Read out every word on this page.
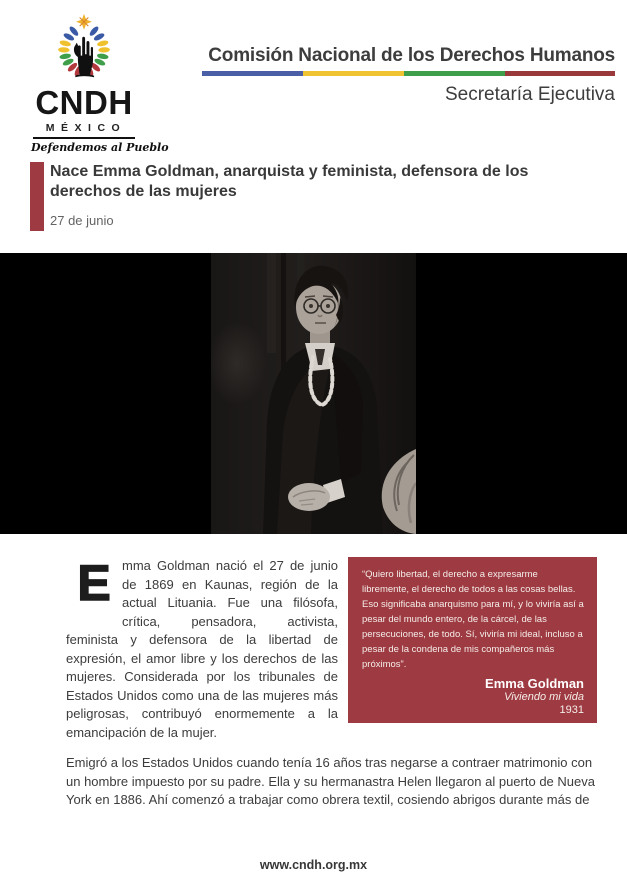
CNDH
MÉXICO
Defendemos al Pueblo
Comisión Nacional de los Derechos Humanos
Secretaría Ejecutiva
Nace Emma Goldman, anarquista y feminista, defensora de los derechos de las mujeres
27 de junio

“Quiero libertad, el derecho a expresarme libremente, el derecho de todos a las cosas bellas. Eso significaba anarquismo para mí, y lo viviría así a pesar del mundo entero, de la cárcel, de las persecuciones, de todo. Sí, viviría mi ideal, incluso a pesar de la condena de mis compañeros más próximos”.

Emma Goldman
Viviendo mi vida
1931

Emma Goldman nació el 27 de junio de 1869 en Kaunas, región de la actual Lituania. Fue una filósofa, crítica, pensadora, activista, feminista y defensora de la libertad de expresión, el amor libre y los derechos de las mujeres. Considerada por los tribunales de Estados Unidos como una de las mujeres más peligrosas, contribuyó enormemente a la emancipación de la mujer.

Emigró a los Estados Unidos cuando tenía 16 años tras negarse a contraer matrimonio con un hombre impuesto por su padre. Ella y su hermanastra Helen llegaron al puerto de Nueva York en 1886. Ahí comenzó a trabajar como obrera textil, cosiendo abrigos durante más de

www.cndh.org.mx
